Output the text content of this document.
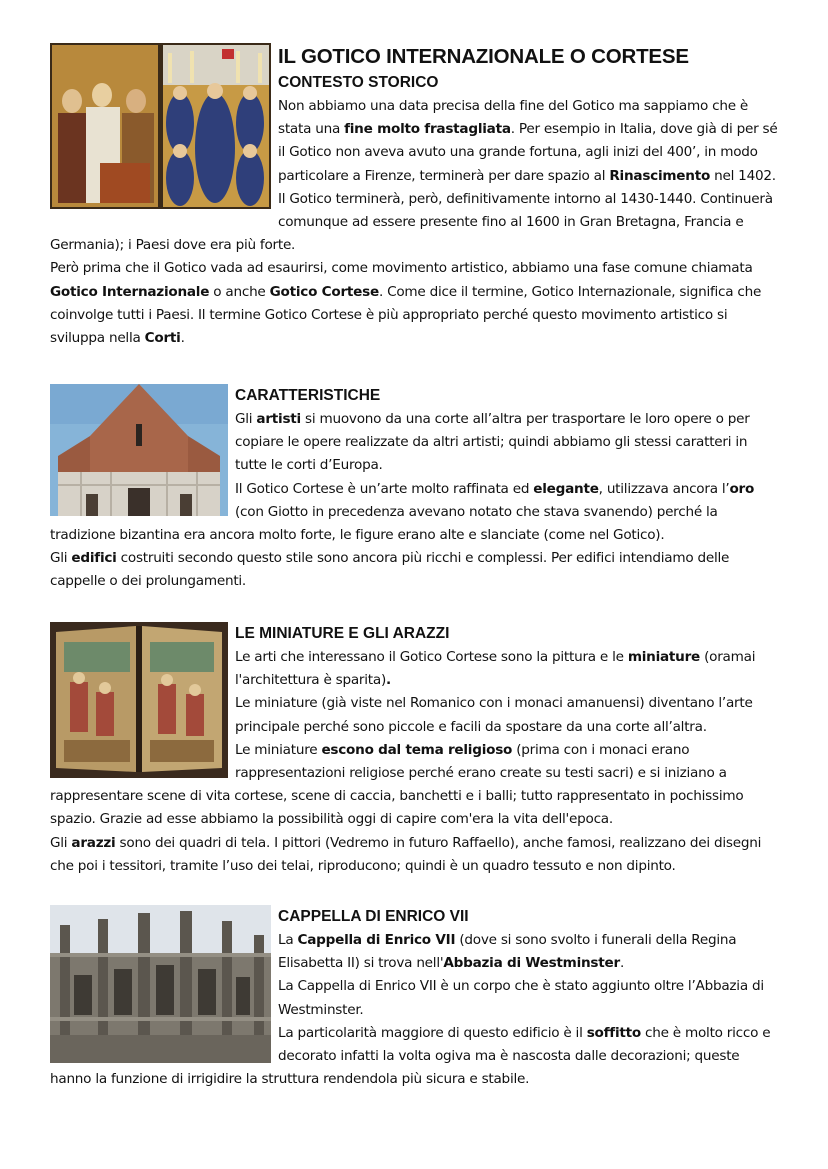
IL GOTICO INTERNAZIONALE O CORTESE

CONTESTO STORICO

Non abbiamo una data precisa della fine del Gotico ma sappiamo che è stata una fine molto frastagliata. Per esempio in Italia, dove già di per sé il Gotico non aveva avuto una grande fortuna, agli inizi del 400’, in modo particolare a Firenze, terminerà per dare spazio al Rinascimento nel 1402. Il Gotico terminerà, però, definitivamente intorno al 1430-1440. Continuerà comunque ad essere presente fino al 1600 in Gran Bretagna, Francia e Germania); i Paesi dove era più forte.

Però prima che il Gotico vada ad esaurirsi, come movimento artistico, abbiamo una fase comune chiamata Gotico Internazionale o anche Gotico Cortese. Come dice il termine, Gotico Internazionale, significa che coinvolge tutti i Paesi. Il termine Gotico Cortese è più appropriato perché questo movimento artistico si sviluppa nella Corti.

CARATTERISTICHE

Gli artisti si muovono da una corte all’altra per trasportare le loro opere o per copiare le opere realizzate da altri artisti; quindi abbiamo gli stessi caratteri in tutte le corti d’Europa.

Il Gotico Cortese è un’arte molto raffinata ed elegante, utilizzava ancora l’oro (con Giotto in precedenza avevano notato che stava svanendo) perché la tradizione bizantina era ancora molto forte, le figure erano alte e slanciate (come nel Gotico).

Gli edifici costruiti secondo questo stile sono ancora più ricchi e complessi. Per edifici intendiamo delle cappelle o dei prolungamenti.

LE MINIATURE E GLI ARAZZI

Le arti che interessano il Gotico Cortese sono la pittura e le miniature (oramai l'architettura è sparita).

Le miniature (già viste nel Romanico con i monaci amanuensi) diventano l’arte principale perché sono piccole e facili da spostare da una corte all’altra.

Le miniature escono dal tema religioso (prima con i monaci erano rappresentazioni religiose perché erano create su testi sacri) e si iniziano a rappresentare scene di vita cortese, scene di caccia, banchetti e i balli; tutto rappresentato in pochissimo spazio. Grazie ad esse abbiamo la possibilità oggi di capire com'era la vita dell'epoca.

Gli arazzi sono dei quadri di tela. I pittori (Vedremo in futuro Raffaello), anche famosi, realizzano dei disegni che poi i tessitori, tramite l’uso dei telai, riproducono; quindi è un quadro tessuto e non dipinto.

CAPPELLA DI ENRICO VII

La Cappella di Enrico VII (dove si sono svolto i funerali della Regina Elisabetta II) si trova nell'Abbazia di Westminster.

La Cappella di Enrico VII è un corpo che è stato aggiunto oltre l’Abbazia di Westminster.

La particolarità maggiore di questo edificio è il soffitto che è molto ricco e decorato infatti la volta ogiva ma è nascosta dalle decorazioni; queste hanno la funzione di irrigidire la struttura rendendola più sicura e stabile.
